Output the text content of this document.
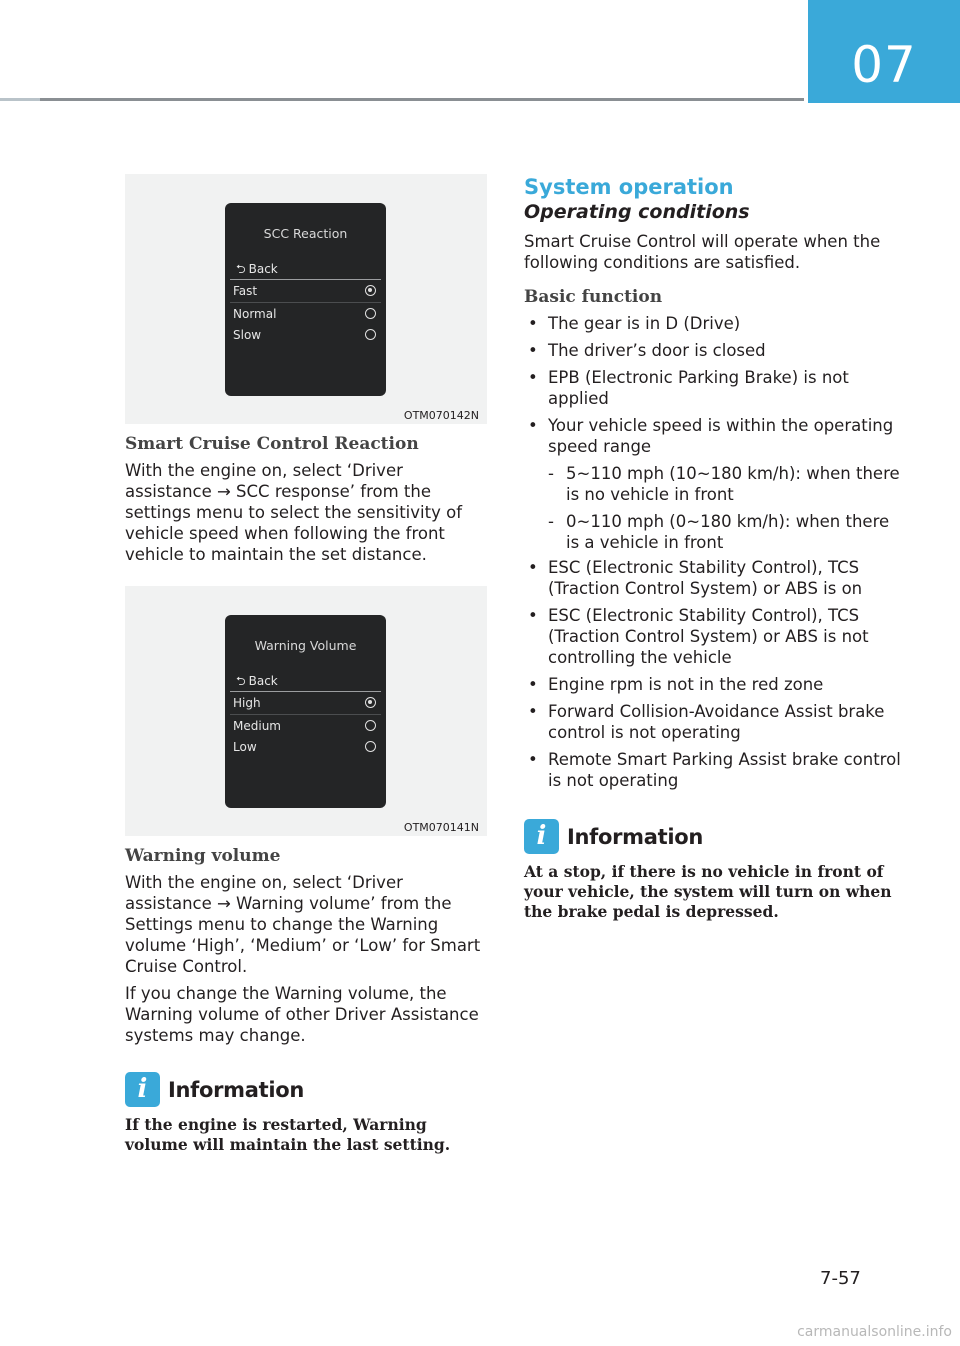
07
SCC Reaction
⮌ Back
Fast
Normal
Slow
OTM070142N
Smart Cruise Control Reaction

With the engine on, select ‘Driver assistance → SCC response’ from the settings menu to select the sensitivity of vehicle speed when following the front vehicle to maintain the set distance.

Warning Volume
⮌ Back
High
Medium
Low
OTM070141N
Warning volume

With the engine on, select ‘Driver assistance → Warning volume’ from the Settings menu to change the Warning volume ‘High’, ‘Medium’ or ‘Low’ for Smart Cruise Control.

If you change the Warning volume, the Warning volume of other Driver Assistance systems may change.

i Information

If the engine is restarted, Warning volume will maintain the last setting.

System operation
Operating conditions

Smart Cruise Control will operate when the following conditions are satisfied.

Basic function
• The gear is in D (Drive)
• The driver’s door is closed
• EPB (Electronic Parking Brake) is not applied
• Your vehicle speed is within the operating speed range
- 5~110 mph (10~180 km/h): when there is no vehicle in front
- 0~110 mph (0~180 km/h): when there is a vehicle in front
• ESC (Electronic Stability Control), TCS (Traction Control System) or ABS is on
• ESC (Electronic Stability Control), TCS (Traction Control System) or ABS is not controlling the vehicle
• Engine rpm is not in the red zone
• Forward Collision-Avoidance Assist brake control is not operating
• Remote Smart Parking Assist brake control is not operating
i Information

At a stop, if there is no vehicle in front of your vehicle, the system will turn on when the brake pedal is depressed.

7-57
carmanualsonline.info
